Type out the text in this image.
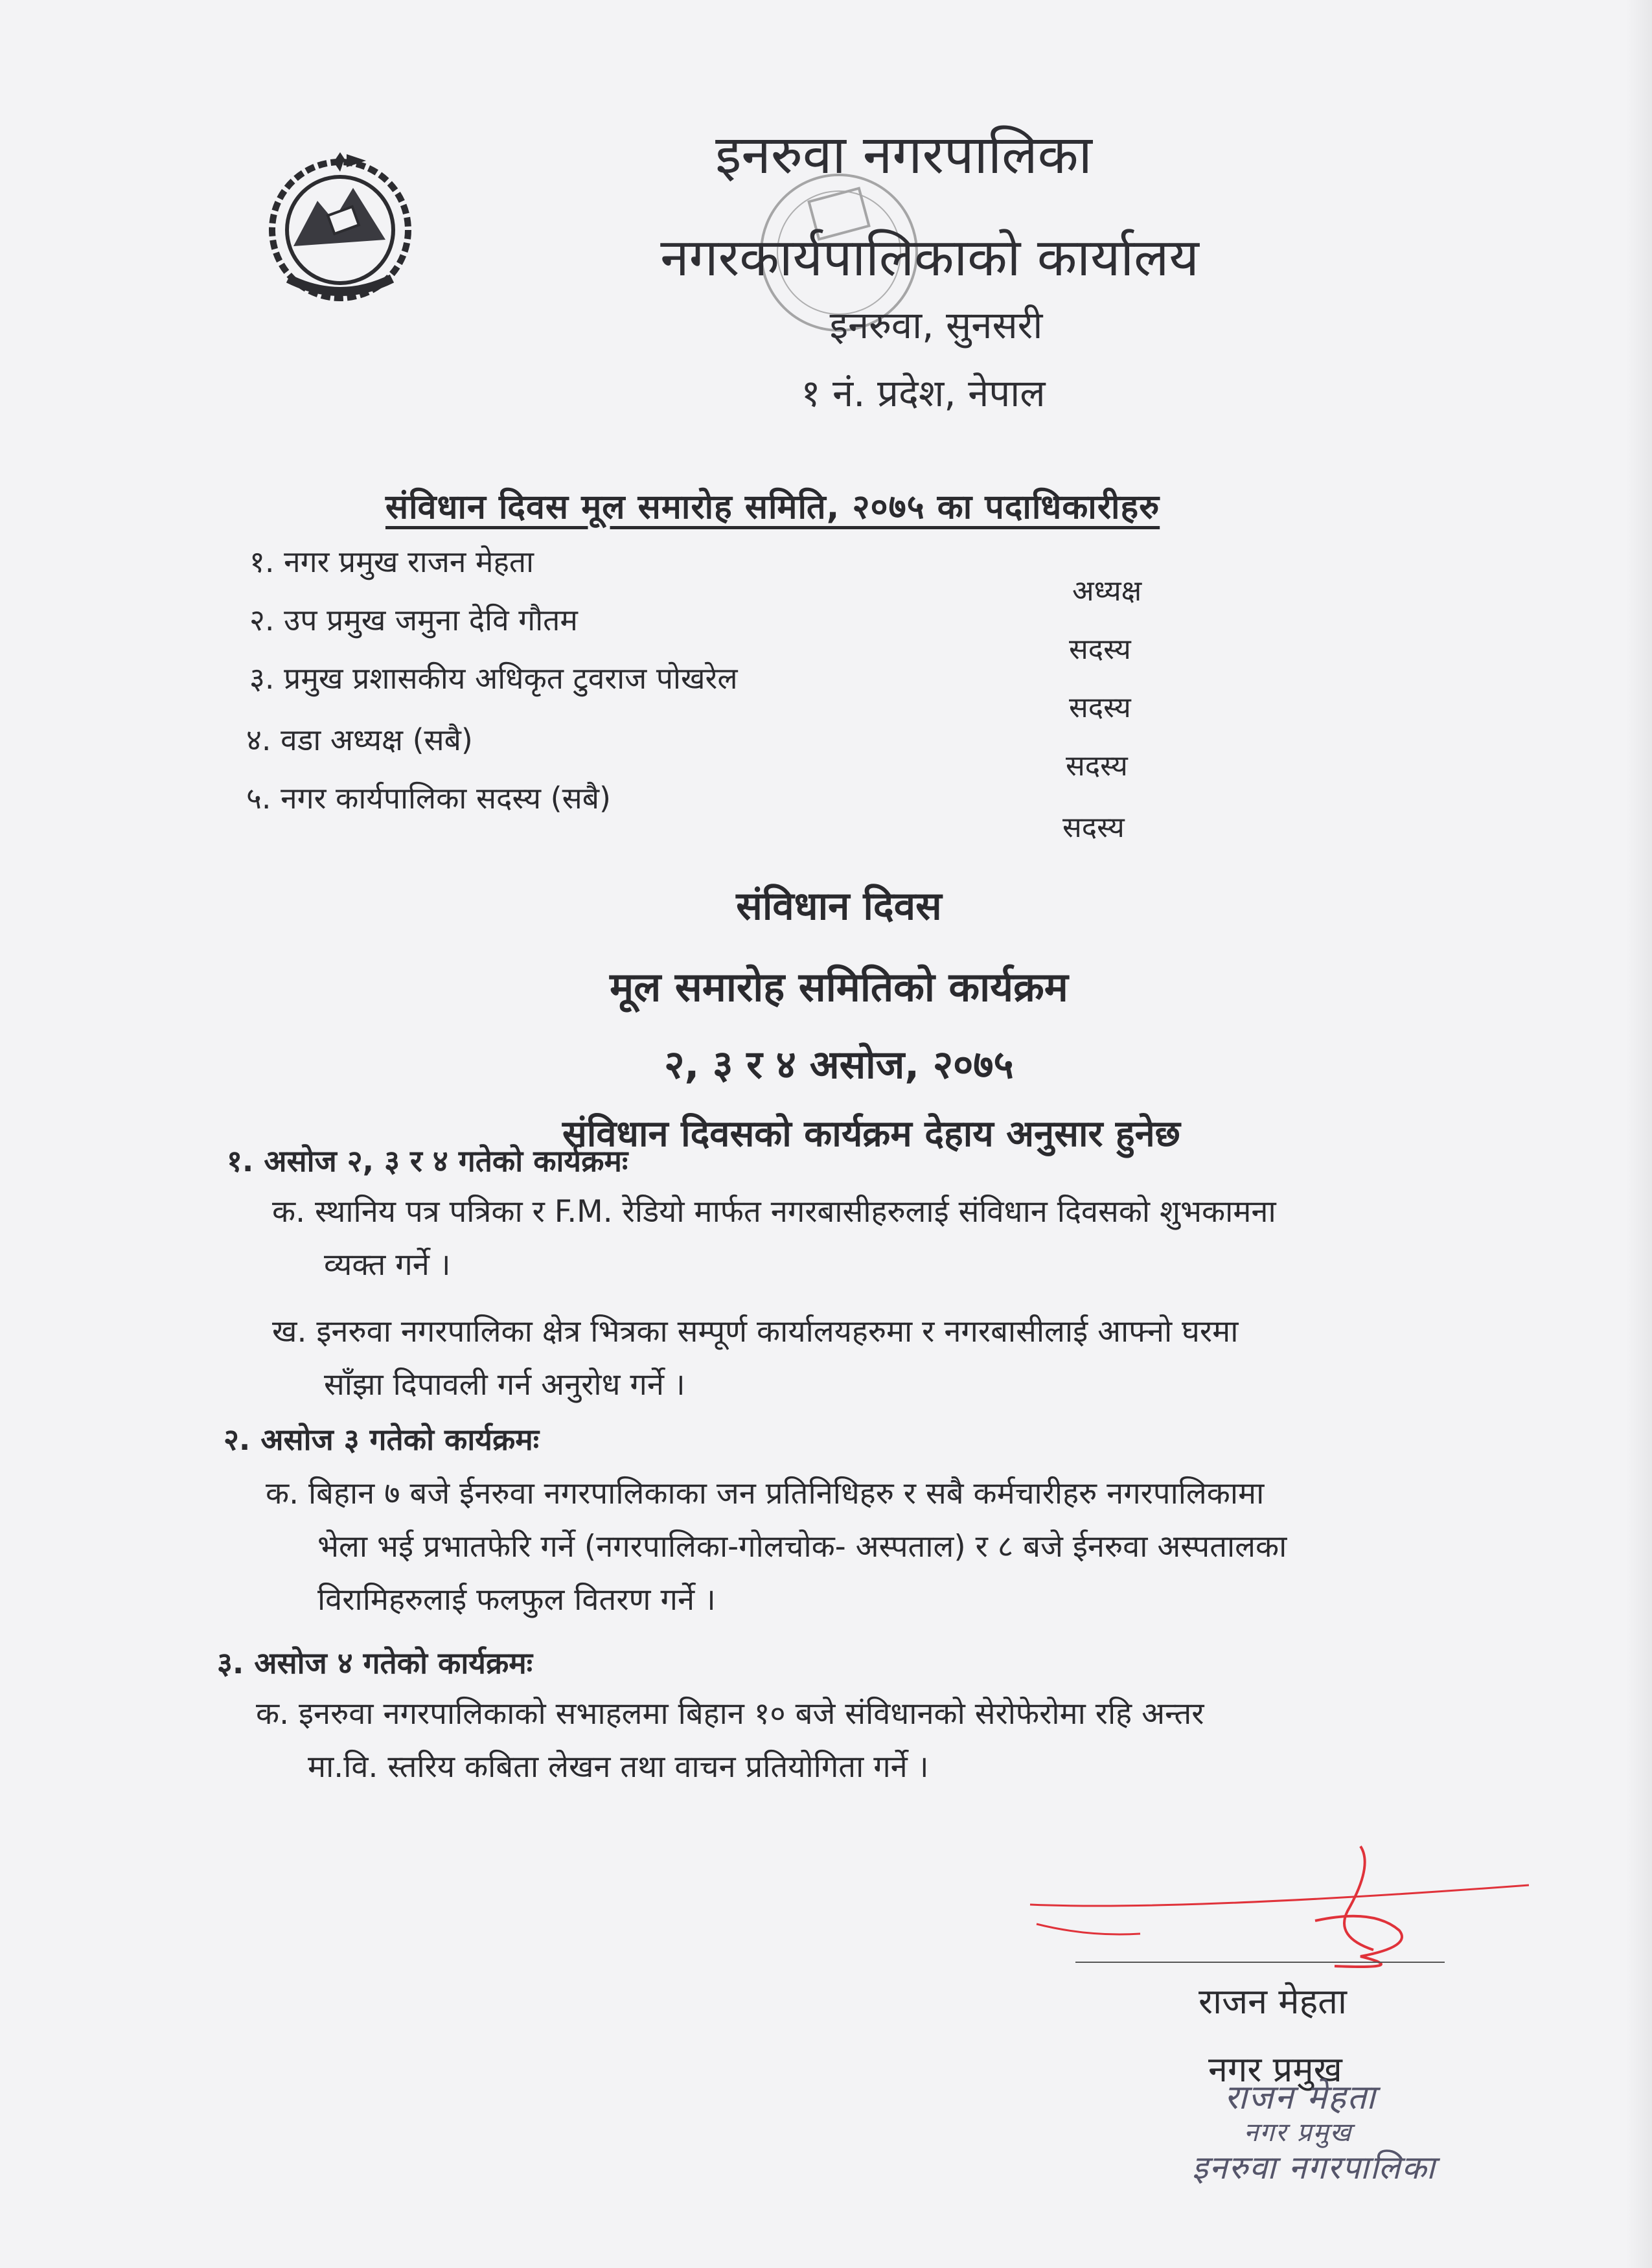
इनरुवा नगरपालिका
नगरकार्यपालिकाको कार्यालय
इनरुवा, सुनसरी
१ नं. प्रदेश, नेपाल
संविधान दिवस मूल समारोह समिति, २०७५ का पदाधिकारीहरु
१. नगर प्रमुख राजन मेहता
अध्यक्ष
२. उप प्रमुख जमुना देवि गौतम
सदस्य
३. प्रमुख प्रशासकीय अधिकृत टुवराज पोखरेल
सदस्य
४. वडा अध्यक्ष (सबै)
सदस्य
५. नगर कार्यपालिका सदस्य (सबै)
सदस्य
संविधान दिवस
मूल समारोह समितिको कार्यक्रम
२, ३ र ४ असोज, २०७५
संविधान दिवसको कार्यक्रम देहाय अनुसार हुनेछ
१. असोज २, ३ र ४ गतेको कार्यक्रमः
क. स्थानिय पत्र पत्रिका र F.M. रेडियो मार्फत नगरबासीहरुलाई संविधान दिवसको शुभकामना
व्यक्त गर्ने ।
ख. इनरुवा नगरपालिका क्षेत्र भित्रका सम्पूर्ण कार्यालयहरुमा र नगरबासीलाई आफ्नो घरमा
साँझा दिपावली गर्न अनुरोध गर्ने ।
२. असोज ३ गतेको कार्यक्रमः
क. बिहान ७ बजे ईनरुवा नगरपालिकाका जन प्रतिनिधिहरु र सबै कर्मचारीहरु नगरपालिकामा
भेला भई प्रभातफेरि गर्ने (नगरपालिका-गोलचोक- अस्पताल) र ८ बजे ईनरुवा अस्पतालका
विरामिहरुलाई फलफुल वितरण गर्ने ।
३. असोज ४ गतेको कार्यक्रमः
क. इनरुवा नगरपालिकाको सभाहलमा बिहान १० बजे संविधानको सेरोफेरोमा रहि अन्तर
मा.वि. स्तरिय कबिता लेखन तथा वाचन प्रतियोगिता गर्ने ।
राजन मेहता
नगर प्रमुख
राजन मेहता
नगर प्रमुख
इनरुवा नगरपालिका
